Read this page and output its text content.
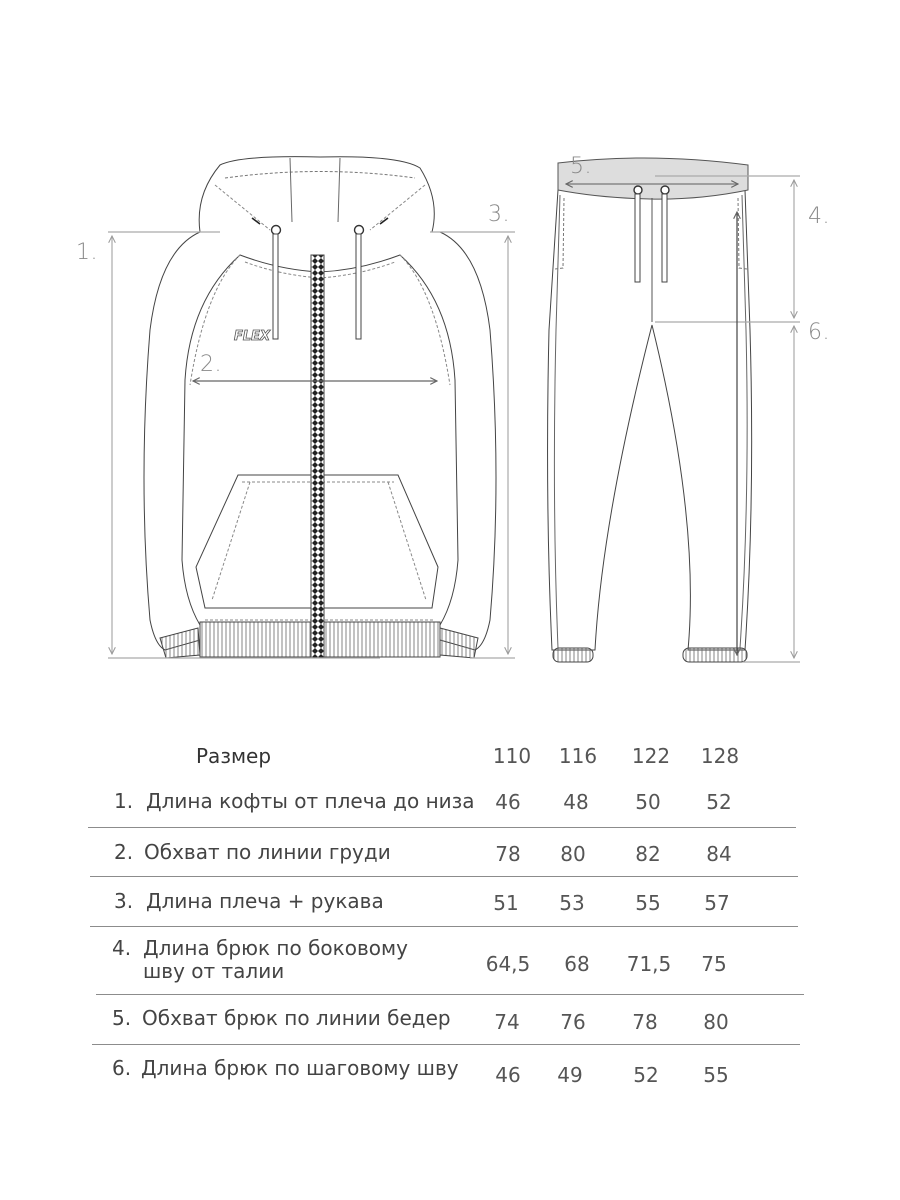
FLEX
1.
2.
3.	4.
5.
6.
Размер	110	116	122	128
1. Длина кофты от плеча до низа	46	48	50	52
2. Обхват по линии груди	78	80	82	84
3. Длина плеча + рукава	51	53	55	57
4. Длина брюк по боковому
шву от талии	64,5	68	71,5	75
5. Обхват брюк по линии бедер	74	76	78	80
6. Длина брюк по шаговому шву	46	49	52	55
